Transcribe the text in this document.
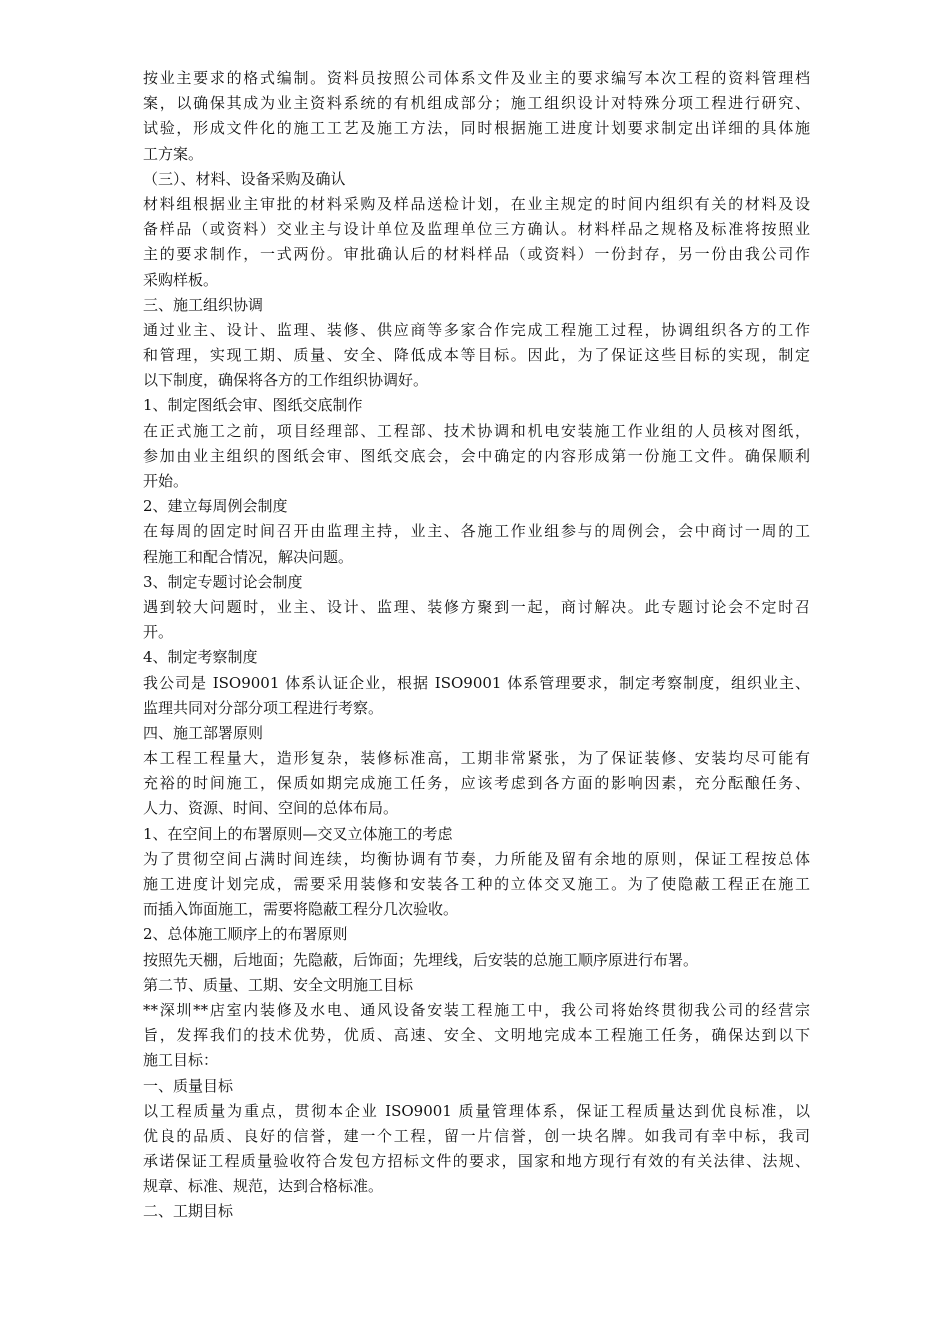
按业主要求的格式编制。资料员按照公司体系文件及业主的要求编写本次工程的资料管理档
案，以确保其成为业主资料系统的有机组成部分；施工组织设计对特殊分项工程进行研究、
试验，形成文件化的施工工艺及施工方法，同时根据施工进度计划要求制定出详细的具体施
工方案。
（三）、材料、设备采购及确认
材料组根据业主审批的材料采购及样品送检计划，在业主规定的时间内组织有关的材料及设
备样品（或资料）交业主与设计单位及监理单位三方确认。材料样品之规格及标准将按照业
主的要求制作，一式两份。审批确认后的材料样品（或资料）一份封存，另一份由我公司作
采购样板。
三、施工组织协调
通过业主、设计、监理、装修、供应商等多家合作完成工程施工过程，协调组织各方的工作
和管理，实现工期、质量、安全、降低成本等目标。因此，为了保证这些目标的实现，制定
以下制度，确保将各方的工作组织协调好。
1、制定图纸会审、图纸交底制作
在正式施工之前，项目经理部、工程部、技术协调和机电安装施工作业组的人员核对图纸，
参加由业主组织的图纸会审、图纸交底会，会中确定的内容形成第一份施工文件。确保顺利
开始。
2、建立每周例会制度
在每周的固定时间召开由监理主持，业主、各施工作业组参与的周例会，会中商讨一周的工
程施工和配合情况，解决问题。
3、制定专题讨论会制度
遇到较大问题时，业主、设计、监理、装修方聚到一起，商讨解决。此专题讨论会不定时召
开。
4、制定考察制度
我公司是 ISO9001 体系认证企业，根据 ISO9001 体系管理要求，制定考察制度，组织业主、
监理共同对分部分项工程进行考察。
四、施工部署原则
本工程工程量大，造形复杂，装修标准高，工期非常紧张，为了保证装修、安装均尽可能有
充裕的时间施工，保质如期完成施工任务，应该考虑到各方面的影响因素，充分酝酿任务、
人力、资源、时间、空间的总体布局。
1、在空间上的布署原则—交叉立体施工的考虑
为了贯彻空间占满时间连续，均衡协调有节奏，力所能及留有余地的原则，保证工程按总体
施工进度计划完成，需要采用装修和安装各工种的立体交叉施工。为了使隐蔽工程正在施工
而插入饰面施工，需要将隐蔽工程分几次验收。
2、总体施工顺序上的布署原则
按照先天棚，后地面；先隐蔽，后饰面；先埋线，后安装的总施工顺序原进行布署。
第二节、质量、工期、安全文明施工目标
**深圳**店室内装修及水电、通风设备安装工程施工中，我公司将始终贯彻我公司的经营宗
旨，发挥我们的技术优势，优质、高速、安全、文明地完成本工程施工任务，确保达到以下
施工目标：
一、质量目标
以工程质量为重点，贯彻本企业 ISO9001 质量管理体系，保证工程质量达到优良标准，以
优良的品质、良好的信誉，建一个工程，留一片信誉，创一块名牌。如我司有幸中标，我司
承诺保证工程质量验收符合发包方招标文件的要求，国家和地方现行有效的有关法律、法规、
规章、标准、规范，达到合格标准。
二、工期目标
